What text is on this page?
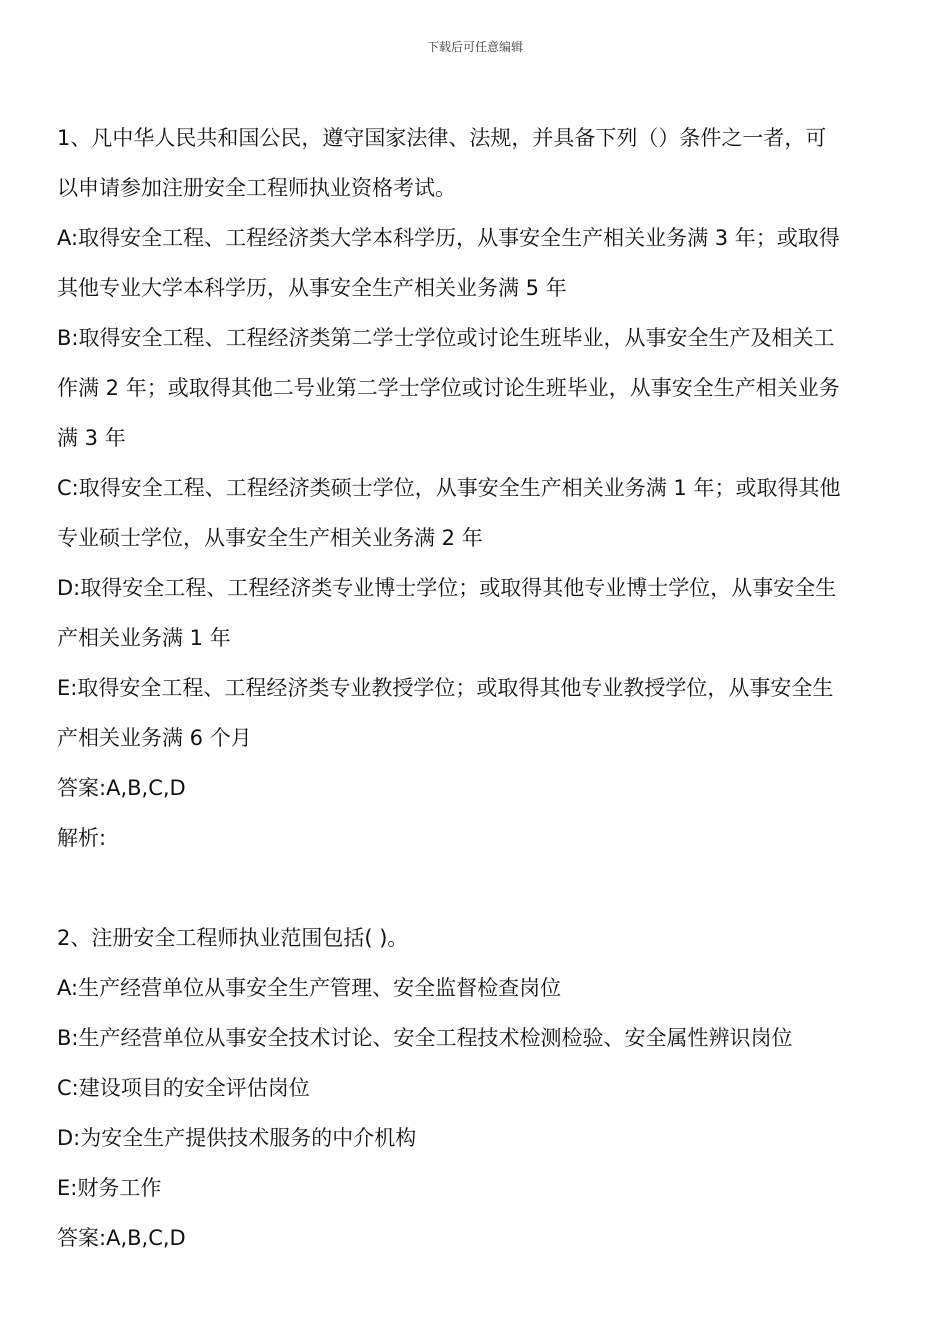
下载后可任意编辑
1、凡中华人民共和国公民，遵守国家法律、法规，并具备下列（）条件之一者，可
以申请参加注册安全工程师执业资格考试。
A:取得安全工程、工程经济类大学本科学历，从事安全生产相关业务满 3 年；或取得
其他专业大学本科学历，从事安全生产相关业务满 5 年
B:取得安全工程、工程经济类第二学士学位或讨论生班毕业，从事安全生产及相关工
作满 2 年；或取得其他二号业第二学士学位或讨论生班毕业，从事安全生产相关业务
满 3 年
C:取得安全工程、工程经济类硕士学位，从事安全生产相关业务满 1 年；或取得其他
专业硕士学位，从事安全生产相关业务满 2 年
D:取得安全工程、工程经济类专业博士学位；或取得其他专业博士学位，从事安全生
产相关业务满 1 年
E:取得安全工程、工程经济类专业教授学位；或取得其他专业教授学位，从事安全生
产相关业务满 6 个月
答案:A,B,C,D
解析:
2、注册安全工程师执业范围包括( )。
A:生产经营单位从事安全生产管理、安全监督检查岗位
B:生产经营单位从事安全技术讨论、安全工程技术检测检验、安全属性辨识岗位
C:建设项目的安全评估岗位
D:为安全生产提供技术服务的中介机构
E:财务工作
答案:A,B,C,D
